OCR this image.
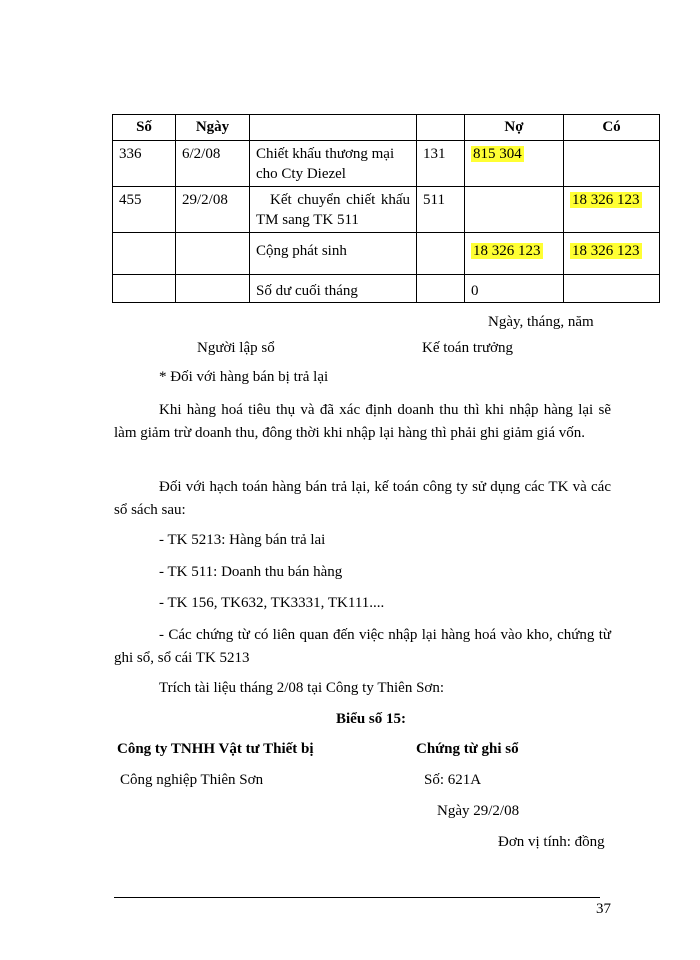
Số	Ngày			Nợ	Có

336	6/2/08	Chiết khấu thương mại cho Cty Diezel	131	815 304	

455	29/2/08	Kết chuyển chiết khấu TM sang TK 511	511		18 326 123

		Cộng phát sinh		18 326 123	18 326 123

		Số dư cuối tháng		0	

Ngày, tháng, năm
Người lập sổ	Kế toán trưởng
* Đối với hàng bán bị trả lại
Khi hàng hoá tiêu thụ và đã xác định doanh thu thì khi nhập hàng lại sẽ làm giảm trừ doanh thu, đông thời khi nhập lại hàng thì phải ghi giảm giá vốn.
Đối với hạch toán hàng bán trả lại, kế toán công ty sử dụng các TK và các sổ sách sau:
- TK 5213: Hàng bán trả lai
- TK 511: Doanh thu bán hàng
- TK 156, TK632, TK3331, TK111....
- Các chứng từ có liên quan đến việc nhập lại hàng hoá vào kho, chứng từ ghi sổ, sổ cái TK 5213
Trích tài liệu tháng 2/08 tại Công ty Thiên Sơn:
Biểu số 15:
Công ty TNHH Vật tư Thiết bị
Công nghiệp Thiên Sơn
Chứng từ ghi sổ
Số: 621A
Ngày 29/2/08
Đơn vị tính: đồng
37
